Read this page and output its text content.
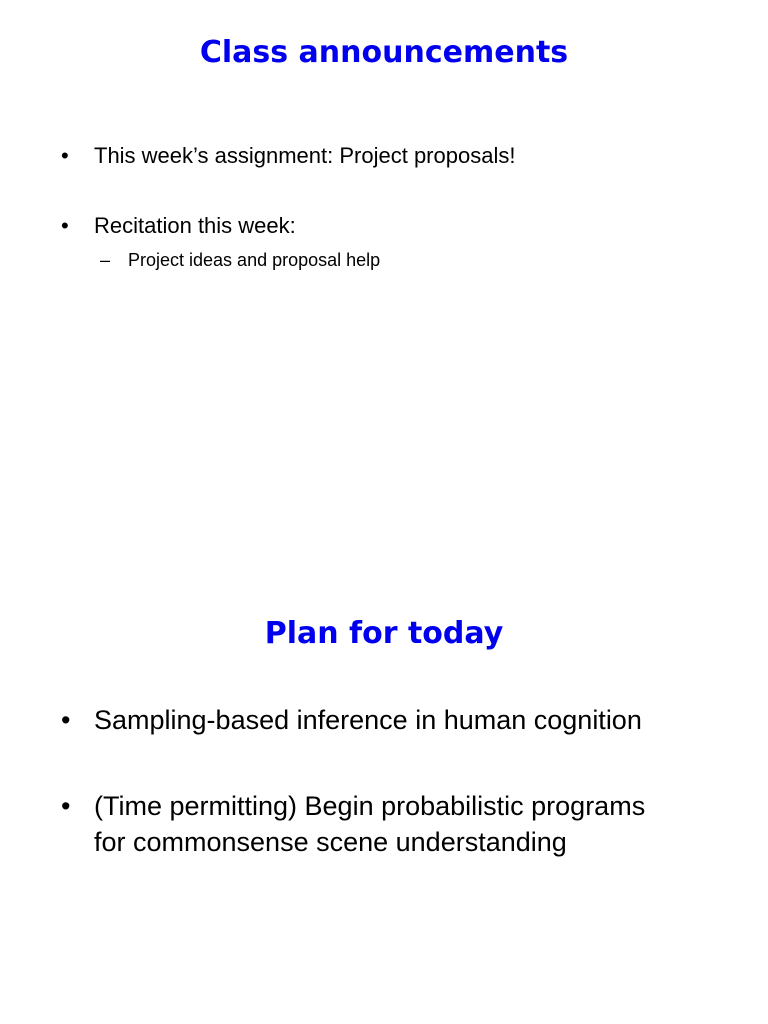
Class announcements
•	This week’s assignment: Project proposals!
•	Recitation this week:
– Project ideas and proposal help
Plan for today
• Sampling-based inference in human cognition
• (Time permitting) Begin probabilistic programs for commonsense scene understanding
